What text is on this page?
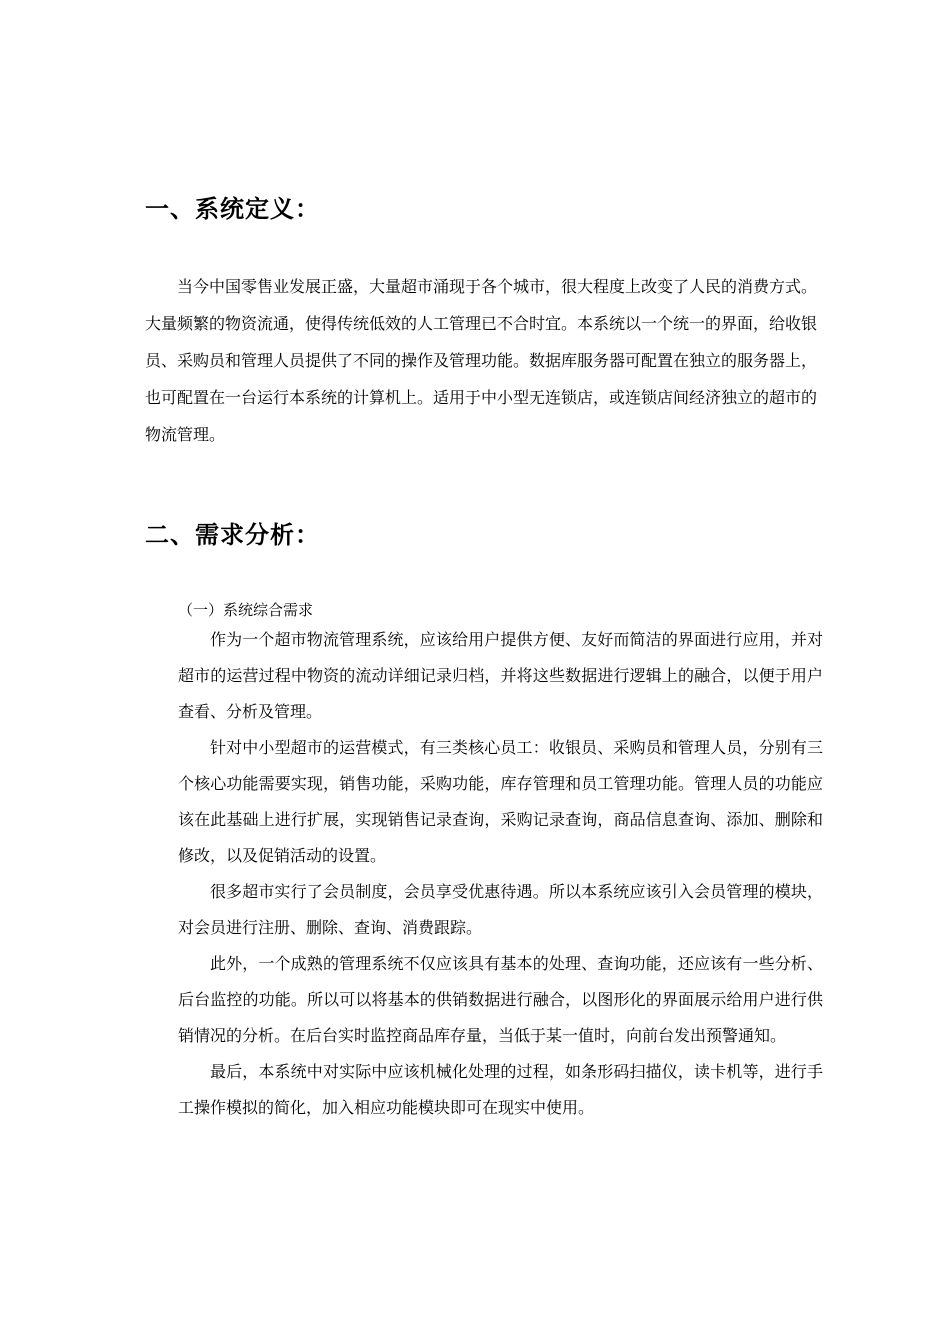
一、系统定义：

当今中国零售业发展正盛，大量超市涌现于各个城市，很大程度上改变了人民的消费方式。大量频繁的物资流通，使得传统低效的人工管理已不合时宜。本系统以一个统一的界面，给收银员、采购员和管理人员提供了不同的操作及管理功能。数据库服务器可配置在独立的服务器上，也可配置在一台运行本系统的计算机上。适用于中小型无连锁店，或连锁店间经济独立的超市的物流管理。

二、需求分析：

（一）系统综合需求

作为一个超市物流管理系统，应该给用户提供方便、友好而简洁的界面进行应用，并对超市的运营过程中物资的流动详细记录归档，并将这些数据进行逻辑上的融合，以便于用户查看、分析及管理。

针对中小型超市的运营模式，有三类核心员工：收银员、采购员和管理人员，分别有三个核心功能需要实现，销售功能，采购功能，库存管理和员工管理功能。管理人员的功能应该在此基础上进行扩展，实现销售记录查询，采购记录查询，商品信息查询、添加、删除和修改，以及促销活动的设置。

很多超市实行了会员制度，会员享受优惠待遇。所以本系统应该引入会员管理的模块，对会员进行注册、删除、查询、消费跟踪。

此外，一个成熟的管理系统不仅应该具有基本的处理、查询功能，还应该有一些分析、后台监控的功能。所以可以将基本的供销数据进行融合，以图形化的界面展示给用户进行供销情况的分析。在后台实时监控商品库存量，当低于某一值时，向前台发出预警通知。

最后，本系统中对实际中应该机械化处理的过程，如条形码扫描仪，读卡机等，进行手工操作模拟的简化，加入相应功能模块即可在现实中使用。
